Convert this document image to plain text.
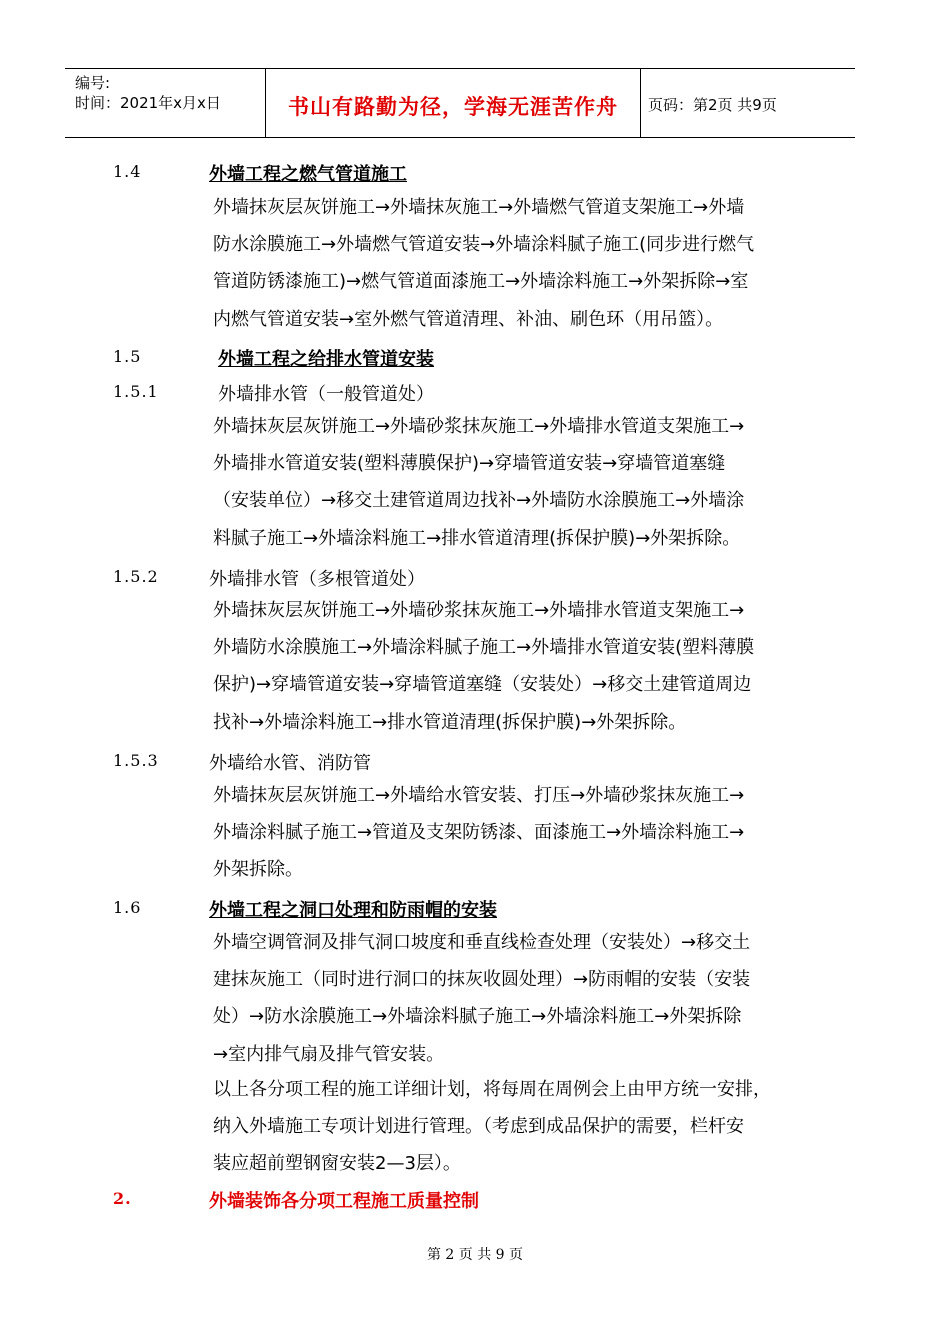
编号:
时间：2021年x月x日	书山有路勤为径，学海无涯苦作舟	页码：第2页 共9页
1.4	外墙工程之燃气管道施工
外墙抹灰层灰饼施工→外墙抹灰施工→外墙燃气管道支架施工→外墙
防水涂膜施工→外墙燃气管道安装→外墙涂料腻子施工(同步进行燃气
管道防锈漆施工)→燃气管道面漆施工→外墙涂料施工→外架拆除→室
内燃气管道安装→室外燃气管道清理、补油、刷色环（用吊篮）。
1.5	外墙工程之给排水管道安装
1.5.1	外墙排水管（一般管道处）
外墙抹灰层灰饼施工→外墙砂浆抹灰施工→外墙排水管道支架施工→
外墙排水管道安装(塑料薄膜保护)→穿墙管道安装→穿墙管道塞缝
（安装单位）→移交土建管道周边找补→外墙防水涂膜施工→外墙涂
料腻子施工→外墙涂料施工→排水管道清理(拆保护膜)→外架拆除。
1.5.2	外墙排水管（多根管道处）
外墙抹灰层灰饼施工→外墙砂浆抹灰施工→外墙排水管道支架施工→
外墙防水涂膜施工→外墙涂料腻子施工→外墙排水管道安装(塑料薄膜
保护)→穿墙管道安装→穿墙管道塞缝（安装处）→移交土建管道周边
找补→外墙涂料施工→排水管道清理(拆保护膜)→外架拆除。
1.5.3	外墙给水管、消防管
外墙抹灰层灰饼施工→外墙给水管安装、打压→外墙砂浆抹灰施工→
外墙涂料腻子施工→管道及支架防锈漆、面漆施工→外墙涂料施工→
外架拆除。
1.6	外墙工程之洞口处理和防雨帽的安装
外墙空调管洞及排气洞口坡度和垂直线检查处理（安装处）→移交土
建抹灰施工（同时进行洞口的抹灰收圆处理）→防雨帽的安装（安装
处）→防水涂膜施工→外墙涂料腻子施工→外墙涂料施工→外架拆除
→室内排气扇及排气管安装。
以上各分项工程的施工详细计划，将每周在周例会上由甲方统一安排，
纳入外墙施工专项计划进行管理。（考虑到成品保护的需要，栏杆安
装应超前塑钢窗安装2—3层）。
2.	外墙装饰各分项工程施工质量控制
第 2 页 共 9 页
